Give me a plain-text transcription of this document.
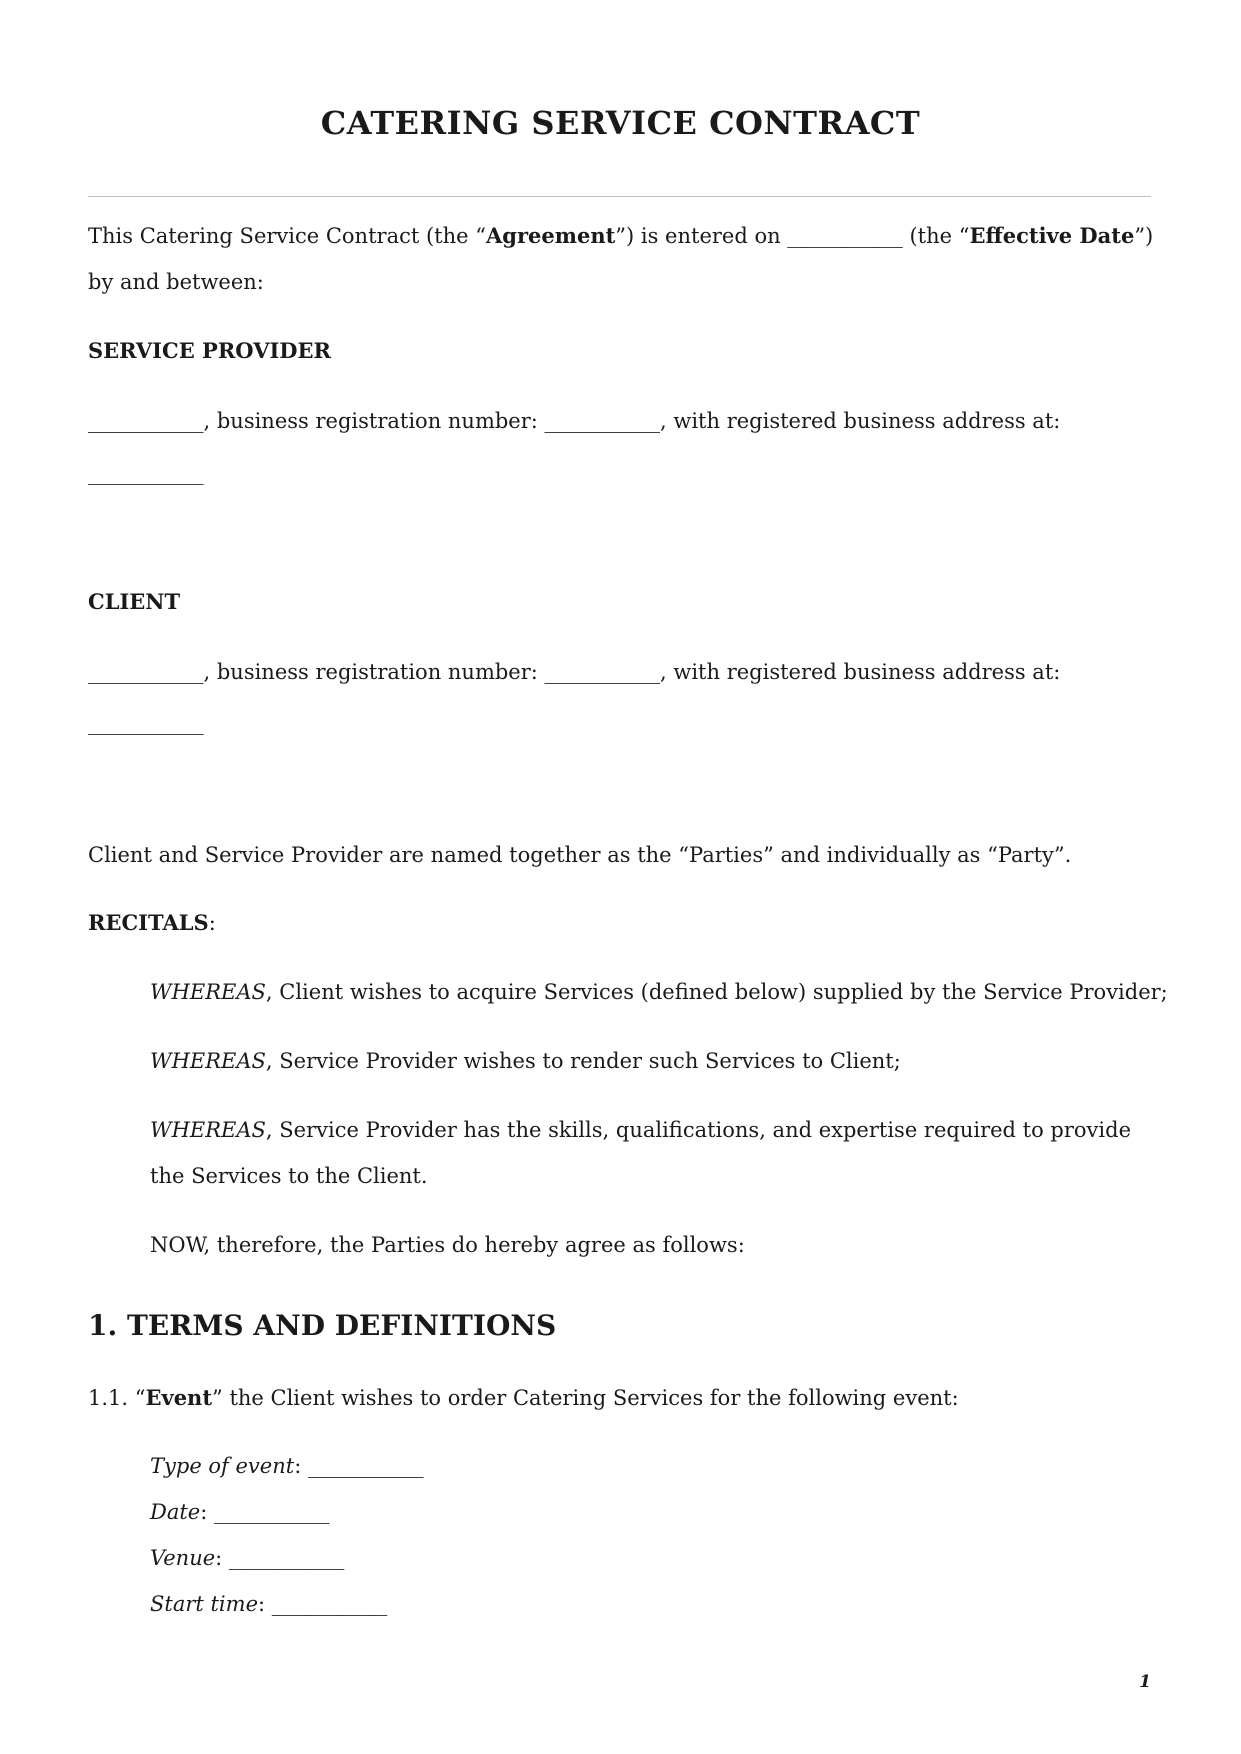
CATERING SERVICE CONTRACT
This Catering Service Contract (the “Agreement”) is entered on ___________ (the “Effective Date”)
by and between:
SERVICE PROVIDER
___________, business registration number: ___________, with registered business address at:
___________
CLIENT
___________, business registration number: ___________, with registered business address at:
___________
Client and Service Provider are named together as the “Parties” and individually as “Party”.
RECITALS:
WHEREAS, Client wishes to acquire Services (defined below) supplied by the Service Provider;
WHEREAS, Service Provider wishes to render such Services to Client;
WHEREAS, Service Provider has the skills, qualifications, and expertise required to provide
the Services to the Client.
NOW, therefore, the Parties do hereby agree as follows:
1. TERMS AND DEFINITIONS
1.1. “Event” the Client wishes to order Catering Services for the following event:
Type of event: ___________
Date: ___________
Venue: ___________
Start time: ___________
1
